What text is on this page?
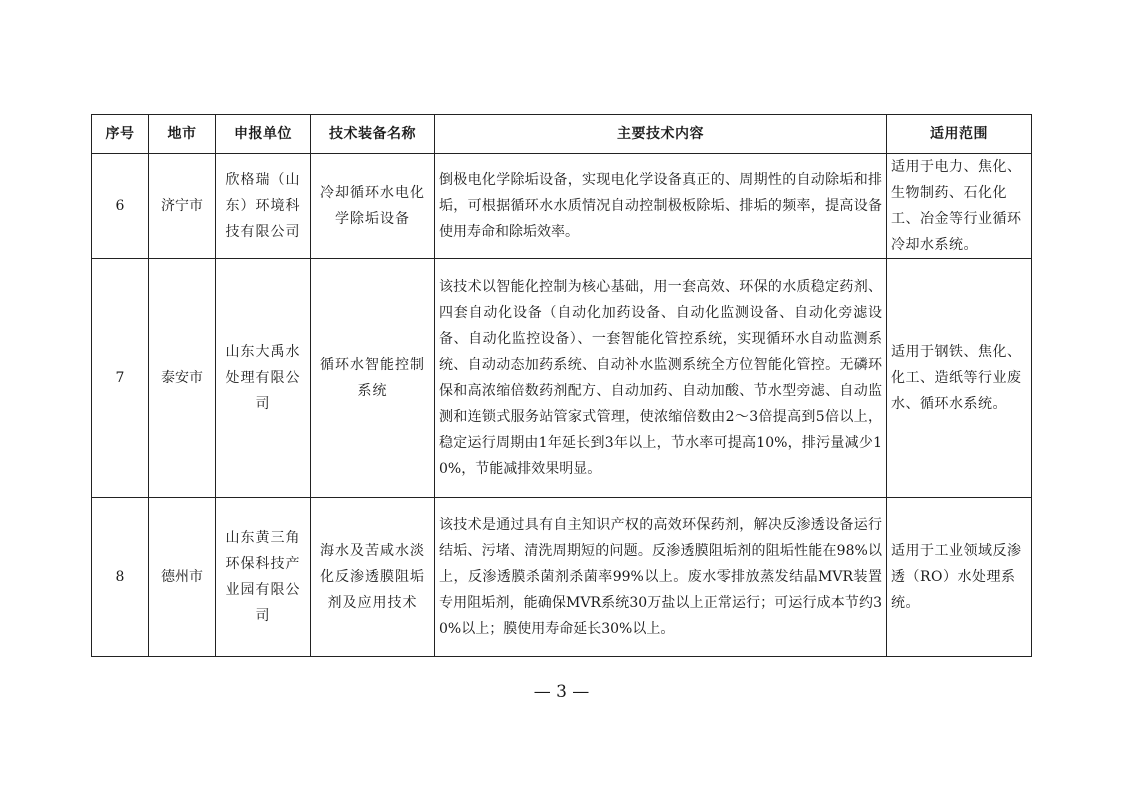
序号	地市	申报单位	技术装备名称	主要技术内容	适用范围
6	济宁市	欣格瑞（山东）环境科技有限公司	冷却循环水电化学除垢设备	倒极电化学除垢设备，实现电化学设备真正的、周期性的自动除垢和排垢，可根据循环水水质情况自动控制极板除垢、排垢的频率，提高设备使用寿命和除垢效率。	适用于电力、焦化、生物制药、石化化工、冶金等行业循环冷却水系统。
7	泰安市	山东大禹水处理有限公司	循环水智能控制系统	该技术以智能化控制为核心基础，用一套高效、环保的水质稳定药剂、四套自动化设备（自动化加药设备、自动化监测设备、自动化旁滤设备、自动化监控设备）、一套智能化管控系统，实现循环水自动监测系统、自动动态加药系统、自动补水监测系统全方位智能化管控。无磷环保和高浓缩倍数药剂配方、自动加药、自动加酸、节水型旁滤、自动监测和连锁式服务站管家式管理，使浓缩倍数由2～3倍提高到5倍以上，稳定运行周期由1年延长到3年以上，节水率可提高10%，排污量减少10%，节能减排效果明显。	适用于钢铁、焦化、化工、造纸等行业废水、循环水系统。
8	德州市	山东黄三角环保科技产业园有限公司	海水及苦咸水淡化反渗透膜阻垢剂及应用技术	该技术是通过具有自主知识产权的高效环保药剂，解决反渗透设备运行结垢、污堵、清洗周期短的问题。反渗透膜阻垢剂的阻垢性能在98%以上，反渗透膜杀菌剂杀菌率99%以上。废水零排放蒸发结晶MVR装置专用阻垢剂，能确保MVR系统30万盐以上正常运行；可运行成本节约30%以上；膜使用寿命延长30%以上。	适用于工业领域反渗透（RO）水处理系统。
— 3 —
